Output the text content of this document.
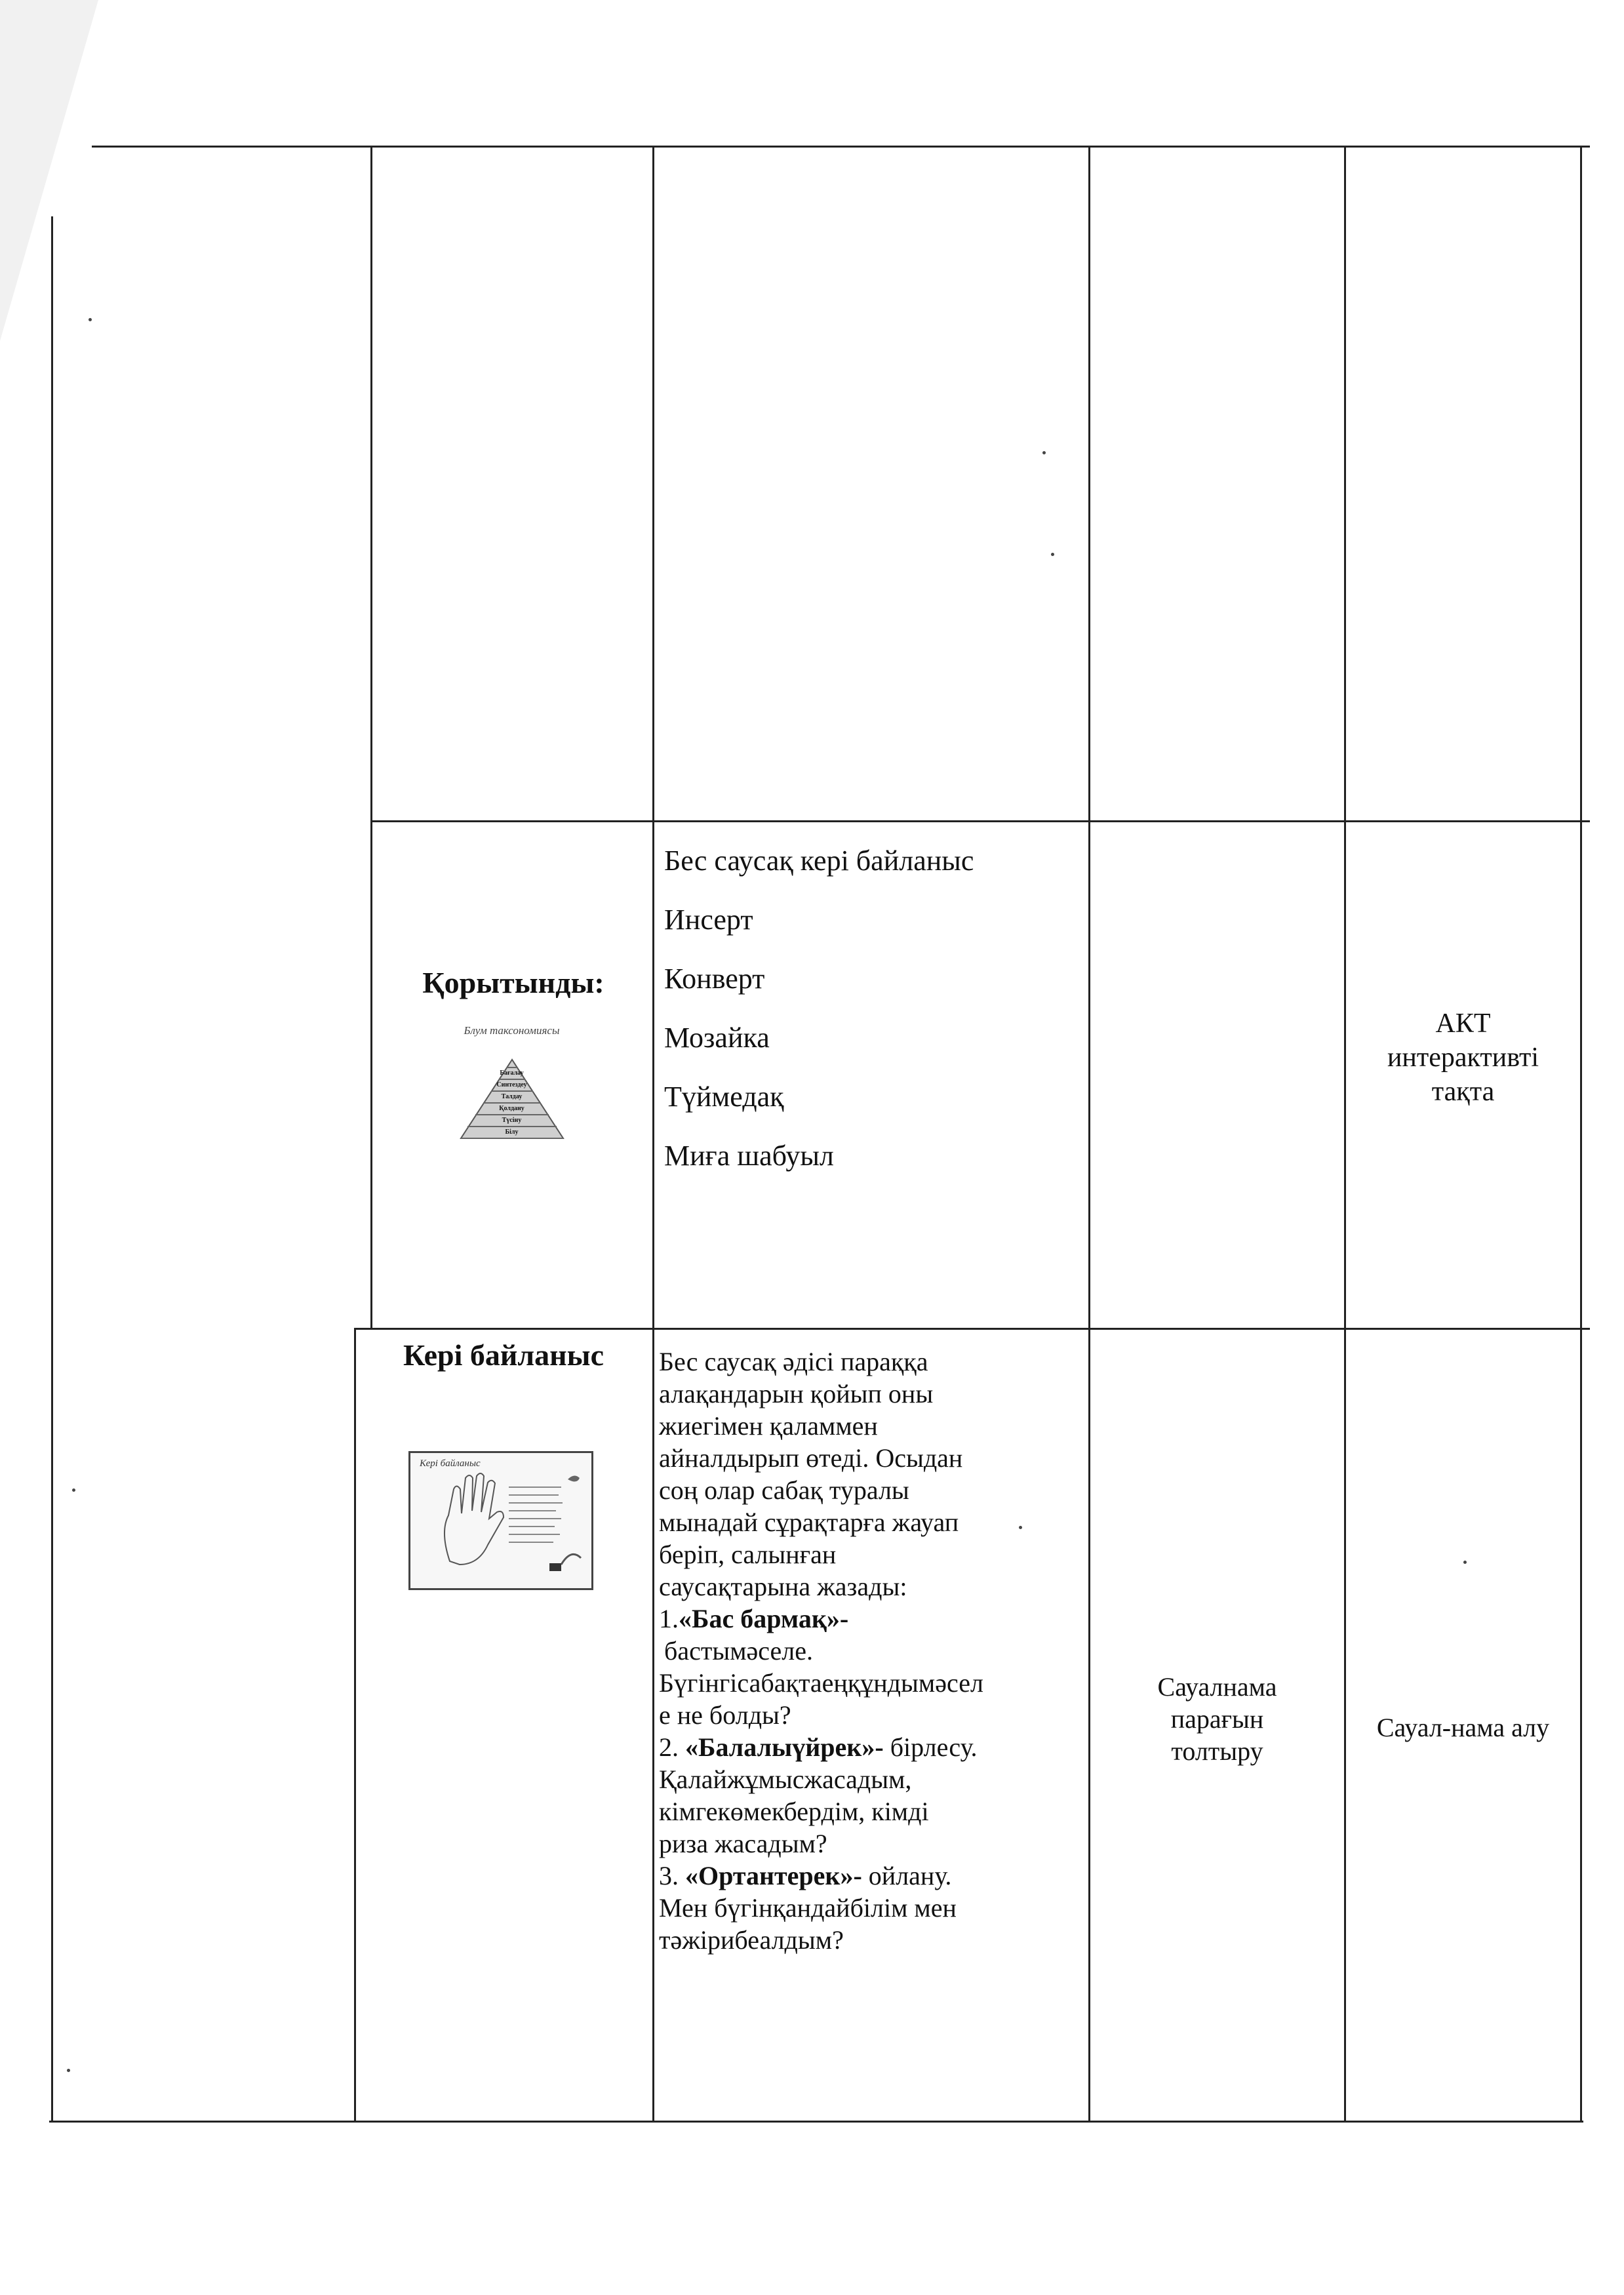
Қорытынды:
Блум таксономиясы
Бағалау
Синтездеу
Талдау
Қолдану
Түсіну
Білу
Бес саусақ кері байланыс
Инсерт
Конверт
Мозайка
Түймедақ
Миға шабуыл
АКТ
интерактивті
тақта
Кері байланыс
Кері байланыс
Бес саусақ әдісі параққа
алақандарын қойып оны
жиегімен қаламмен
айналдырып өтеді. Осыдан
соң олар сабақ туралы
мынадай сұрақтарға жауап
беріп, салынған
саусақтарына жазады:
1.«Бас бармақ»-
бастымәселе.
Бүгінгісабақтаеңқұндымәсел
е не болды?
2. «Балалыүйрек»- бірлесу.
Қалайжұмысжасадым,
кімгекөмекбердім, кімді
риза жасадым?
3. «Ортантерек»- ойлану.
Мен бүгінқандайбілім мен
тәжірибеалдым?
Сауалнама
парағын
толтыру
Сауал-нама алу
